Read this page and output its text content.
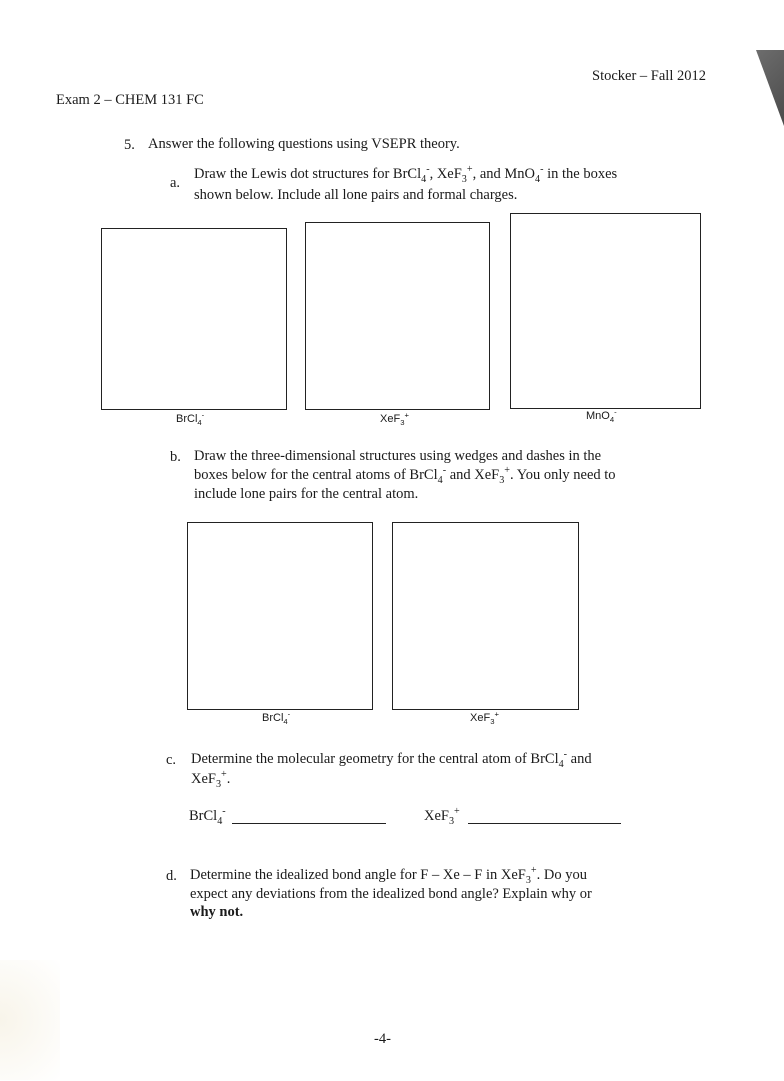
Stocker – Fall 2012
Exam 2 – CHEM 131 FC
5. Answer the following questions using VSEPR theory.
a.
Draw the Lewis dot structures for BrCl$_4$-, XeF$_3$+, and MnO$_4$- in the boxes
shown below. Include all lone pairs and formal charges.
BrCl$_4$-	XeF$_3$+	MnO$_4$-
b. Draw the three-dimensional structures using wedges and dashes in the
boxes below for the central atoms of BrCl$_4$- and XeF$_3$+. You only need to
include lone pairs for the central atom.
BrCl$_4$-	XeF$_3$+
c. Determine the molecular geometry for the central atom of BrCl$_4$- and
XeF$_3$+.
BrCl$_4$-	XeF$_3$+
d. Determine the idealized bond angle for F – Xe – F in XeF$_3$+. Do you
expect any deviations from the idealized bond angle? Explain why or
why not.
-4-
